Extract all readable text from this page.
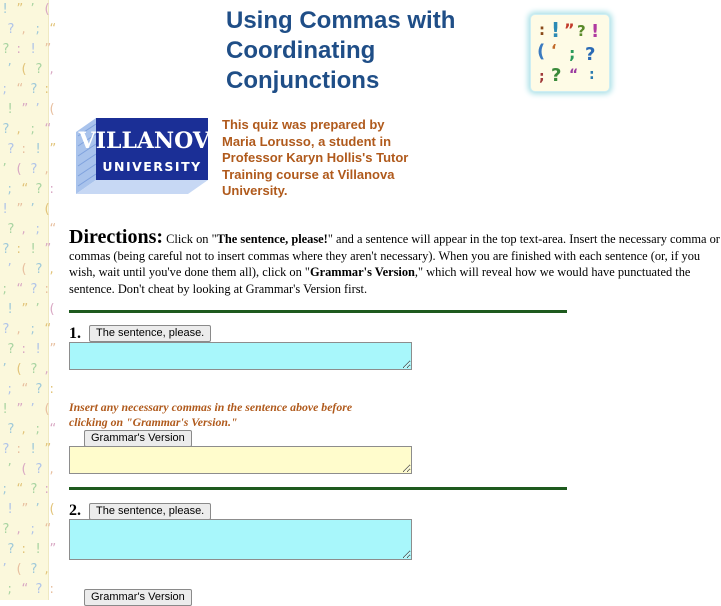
! ” ’ (
? , ; “
? : ! ”
’ ( ? ,
; “ ? :
! ” ’ (
? , ; “
? : ! ”
’ ( ? ,
; “ ? :
! ” ’ (
? , ; “
? : ! ”
’ ( ? ,
; “ ? :
! ” ’ (
? , ; “
? : ! ”
’ ( ? ,
; “ ? :
! ” ’ (
? , ; “
? : ! ”
’ ( ? ,
; “ ? :
! ” ’ (
? , ; “
? : ! ”
’ ( ? ,
; “ ? :
Using Commas with Coordinating Conjunctions
: ! ” ? !
( ‘ ; ?
; ? “ :
VILLANOVA
UNIVERSITY

This quiz was prepared by Maria Lorusso, a student in Professor Karyn Hollis's Tutor Training course at Villanova University.

Directions: Click on "The sentence, please!" and a sentence will appear in the top text-area. Insert the necessary comma or commas (being careful not to insert commas where they aren't necessary). When you are finished with each sentence (or, if you wish, wait until you've done them all), click on "Grammar's Version," which will reveal how we would have punctuated the sentence. Don't cheat by looking at Grammar's Version first.

1.	The sentence, please.

Insert any necessary commas in the sentence above before clicking on "Grammar's Version."

Grammar's Version
2.	The sentence, please.
Grammar's Version
